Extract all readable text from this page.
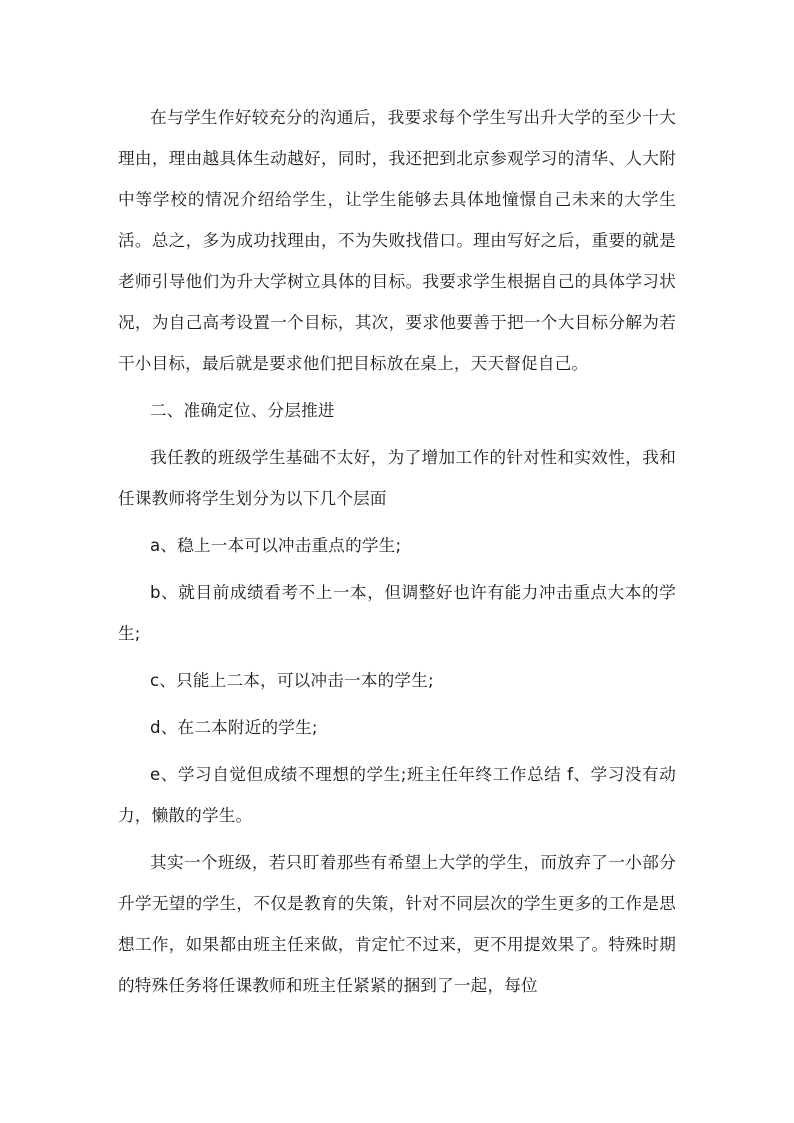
在与学生作好较充分的沟通后，我要求每个学生写出升大学的至少十大理由，理由越具体生动越好，同时，我还把到北京参观学习的清华、人大附中等学校的情况介绍给学生，让学生能够去具体地憧憬自己未来的大学生活。总之，多为成功找理由，不为失败找借口。理由写好之后，重要的就是老师引导他们为升大学树立具体的目标。我要求学生根据自己的具体学习状况，为自己高考设置一个目标，其次，要求他要善于把一个大目标分解为若干小目标，最后就是要求他们把目标放在桌上，天天督促自己。

二、准确定位、分层推进

我任教的班级学生基础不太好，为了增加工作的针对性和实效性，我和任课教师将学生划分为以下几个层面

a、稳上一本可以冲击重点的学生;

b、就目前成绩看考不上一本，但调整好也许有能力冲击重点大本的学生;

c、只能上二本，可以冲击一本的学生;

d、在二本附近的学生;

e、学习自觉但成绩不理想的学生;班主任年终工作总结 f、学习没有动力，懒散的学生。

其实一个班级，若只盯着那些有希望上大学的学生，而放弃了一小部分升学无望的学生，不仅是教育的失策，针对不同层次的学生更多的工作是思想工作，如果都由班主任来做，肯定忙不过来，更不用提效果了。特殊时期的特殊任务将任课教师和班主任紧紧的捆到了一起，每位
